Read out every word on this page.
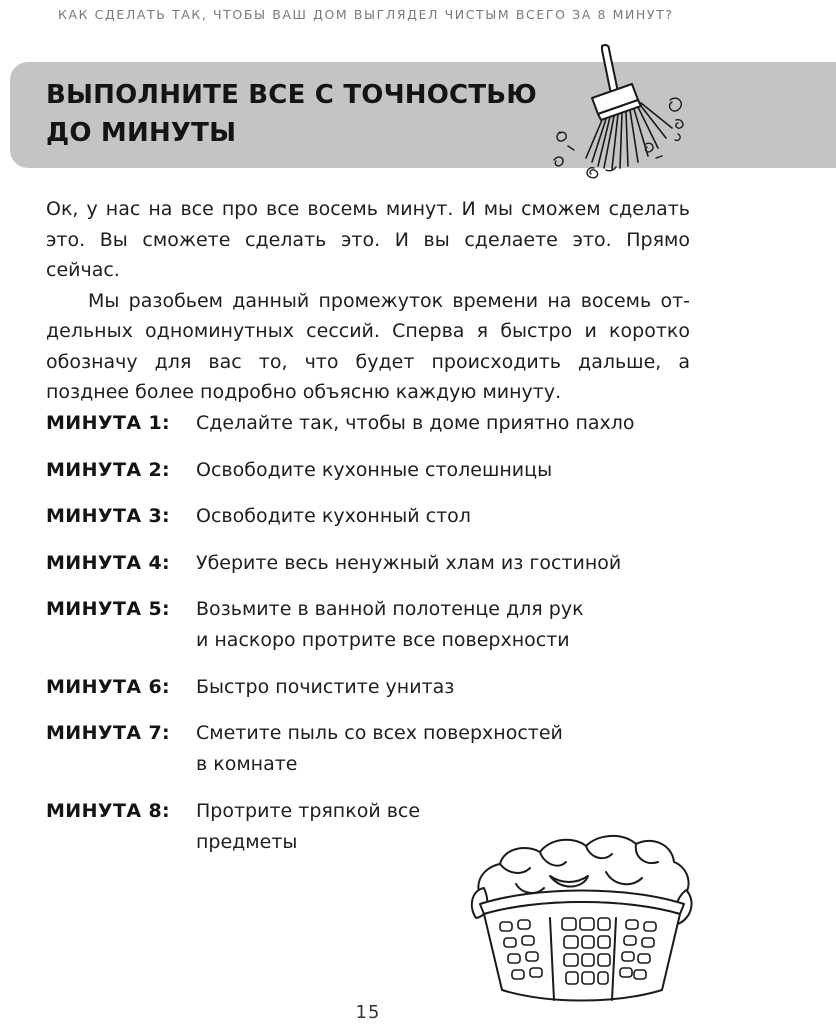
КАК СДЕЛАТЬ ТАК, ЧТОБЫ ВАШ ДОМ ВЫГЛЯДЕЛ ЧИСТЫМ ВСЕГО ЗА 8 МИНУТ?
ВЫПОЛНИТЕ ВСЕ С ТОЧНОСТЬЮ
ДО МИНУТЫ

Ок, у нас на все про все восемь минут. И мы сможем сделать это. Вы сможете сделать это. И вы сделаете это. Прямо сейчас.

Мы разобьем данный промежуток времени на восемь отдельных одноминутных сессий. Сперва я быстро и коротко обозначу для вас то, что будет происходить дальше, а позднее более подробно объясню каждую минуту.

МИНУТА 1:	Сделайте так, чтобы в доме приятно пахло
МИНУТА 2:	Освободите кухонные столешницы
МИНУТА 3:	Освободите кухонный стол
МИНУТА 4:	Уберите весь ненужный хлам из гостиной
МИНУТА 5:	Возьмите в ванной полотенце для рук
и наскоро протрите все поверхности
МИНУТА 6:	Быстро почистите унитаз
МИНУТА 7:	Сметите пыль со всех поверхностей
в комнате
МИНУТА 8:	Протрите тряпкой все
предметы
15
